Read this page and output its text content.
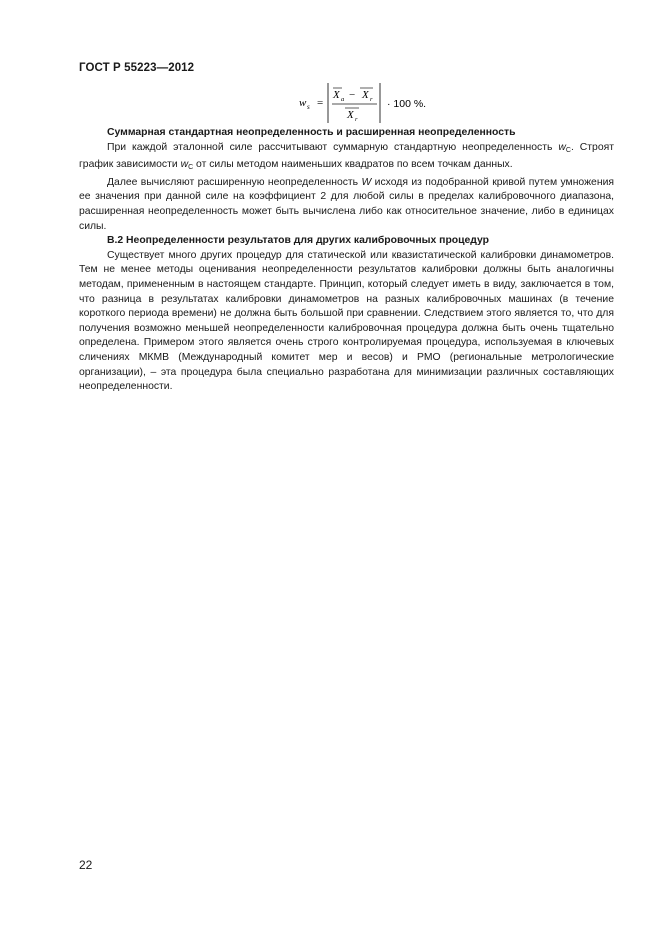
ГОСТ Р 55223—2012
w s =
X a − X r
X r
· 100 %.

Суммарная стандартная неопределенность и расширенная неопределенность

При каждой эталонной силе рассчитывают суммарную стандартную неопределенность $w_C$. Строят график зависимости $w_C$ от силы методом наименьших квадратов по всем точкам данных.

Далее вычисляют расширенную неопределенность W исходя из подобранной кривой путем умножения ее значения при данной силе на коэффициент 2 для любой силы в пределах калибровочного диапазона, расширенная неопределенность может быть вычислена либо как относительное значение, либо в единицах силы.

В.2 Неопределенности результатов для других калибровочных процедур

Существует много других процедур для статической или квазистатической калибровки динамометров. Тем не менее методы оценивания неопределенности результатов калибровки должны быть аналогичны методам, примененным в настоящем стандарте. Принцип, который следует иметь в виду, заключается в том, что разница в результатах калибровки динамометров на разных калибровочных машинах (в течение короткого периода времени) не должна быть большой при сравнении. Следствием этого является то, что для получения возможно меньшей неопределенности калибровочная процедура должна быть очень тщательно определена. Примером этого является очень строго контролируемая процедура, используемая в ключевых сличениях МКМВ (Международный комитет мер и весов) и РМО (региональные метрологические организации), – эта процедура была специально разработана для минимизации различных составляющих неопределенности.

22
